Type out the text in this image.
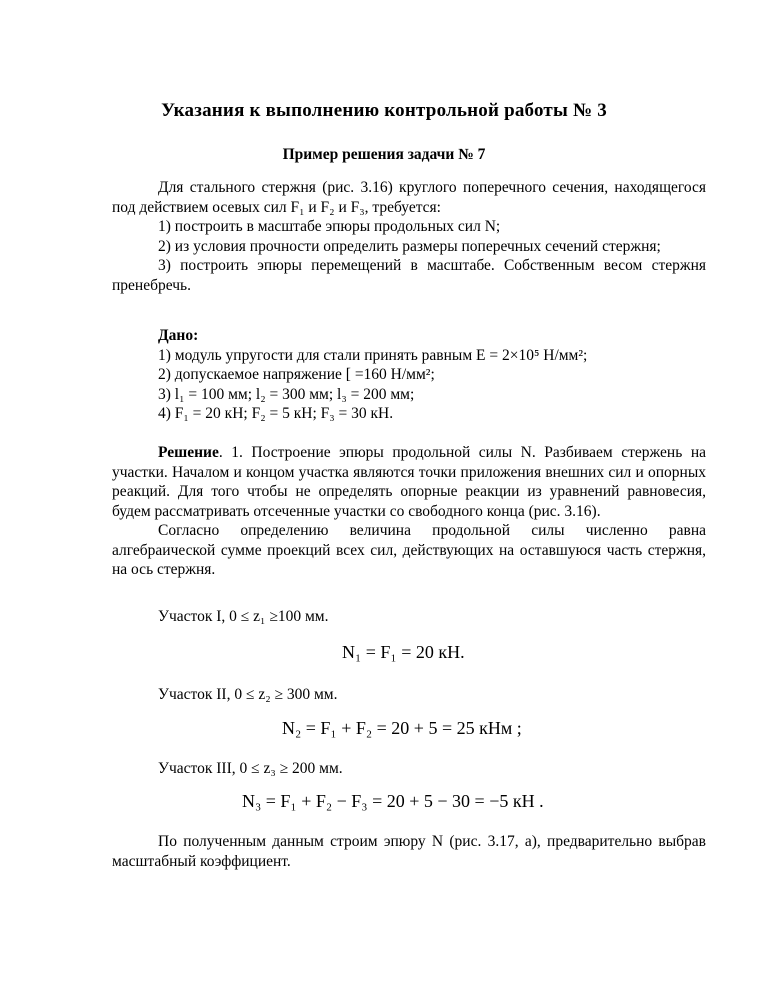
Указания к выполнению контрольной работы № 3
Пример решения задачи № 7

Для стального стержня (рис. 3.16) круглого поперечного сечения, находящегося под действием осевых сил F₁ и F₂ и F₃, требуется:

1) построить в масштабе эпюры продольных сил N;

2) из условия прочности определить размеры поперечных сечений стержня;

3) построить эпюры перемещений в масштабе. Собственным весом стержня пренебречь.

Дано:

1) модуль упругости для стали принять равным E = 2×10⁵ Н/мм²;

2) допускаемое напряжение [ =160 Н/мм²;

3) l₁ = 100 мм; l₂ = 300 мм; l₃ = 200 мм;

4) F₁ = 20 кН; F₂ = 5 кН; F₃ = 30 кН.

Решение. 1. Построение эпюры продольной силы N. Разбиваем стержень на участки. Началом и концом участка являются точки приложения внешних сил и опорных реакций. Для того чтобы не определять опорные реакции из уравнений равновесия, будем рассматривать отсеченные участки со свободного конца (рис. 3.16).

Согласно определению величина продольной силы численно равна алгебраической сумме проекций всех сил, действующих на оставшуюся часть стержня, на ось стержня.

Участок I, 0 ≤ z₁ ≥100 мм.
N₁ = F₁ = 20 кН.
Участок II, 0 ≤ z₂ ≥ 300 мм.
N₂ = F₁ + F₂ = 20 + 5 = 25 кНм ;
Участок III, 0 ≤ z₃ ≥ 200 мм.
N₃ = F₁ + F₂ − F₃ = 20 + 5 − 30 = −5 кН .

По полученным данным строим эпюру N (рис. 3.17, а), предварительно выбрав масштабный коэффициент.
